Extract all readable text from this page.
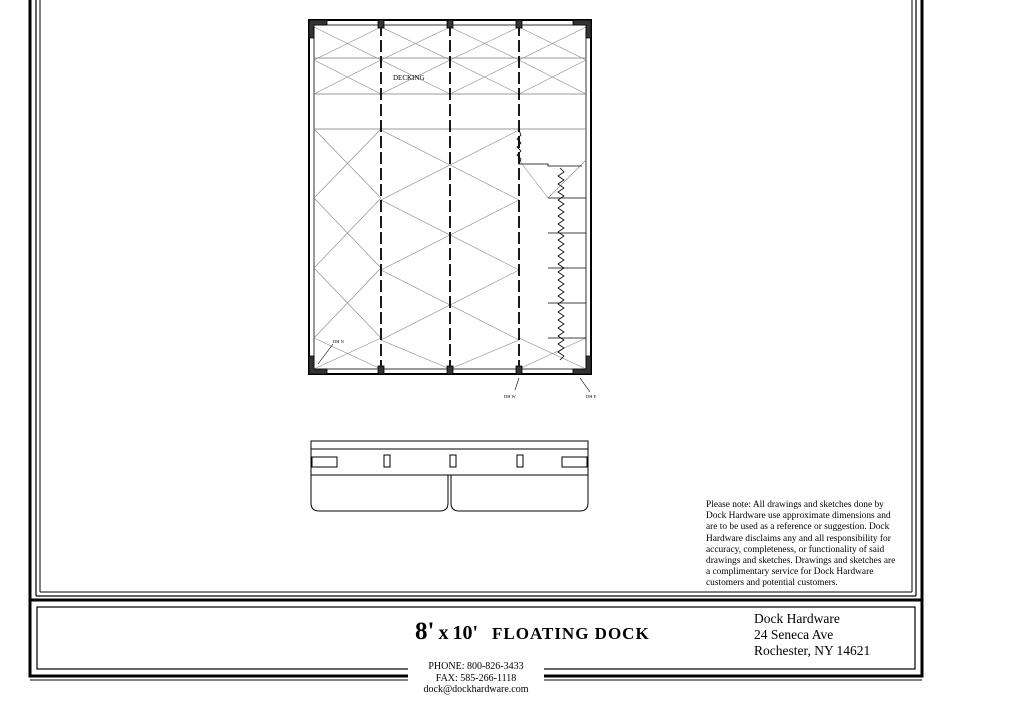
DECKING
DH N
DH W	DH E
Please note: All drawings and sketches done by
Dock Hardware use approximate dimensions and
are to be used as a reference or suggestion. Dock
Hardware disclaims any and all responsibility for
accuracy, completeness, or functionality of said
drawings and sketches. Drawings and sketches are
a complimentary service for Dock Hardware
customers and potential customers.
8' x 10' FLOATING DOCK
Dock Hardware
24 Seneca Ave
Rochester, NY 14621
PHONE: 800-826-3433
FAX: 585-266-1118
dock@dockhardware.com
